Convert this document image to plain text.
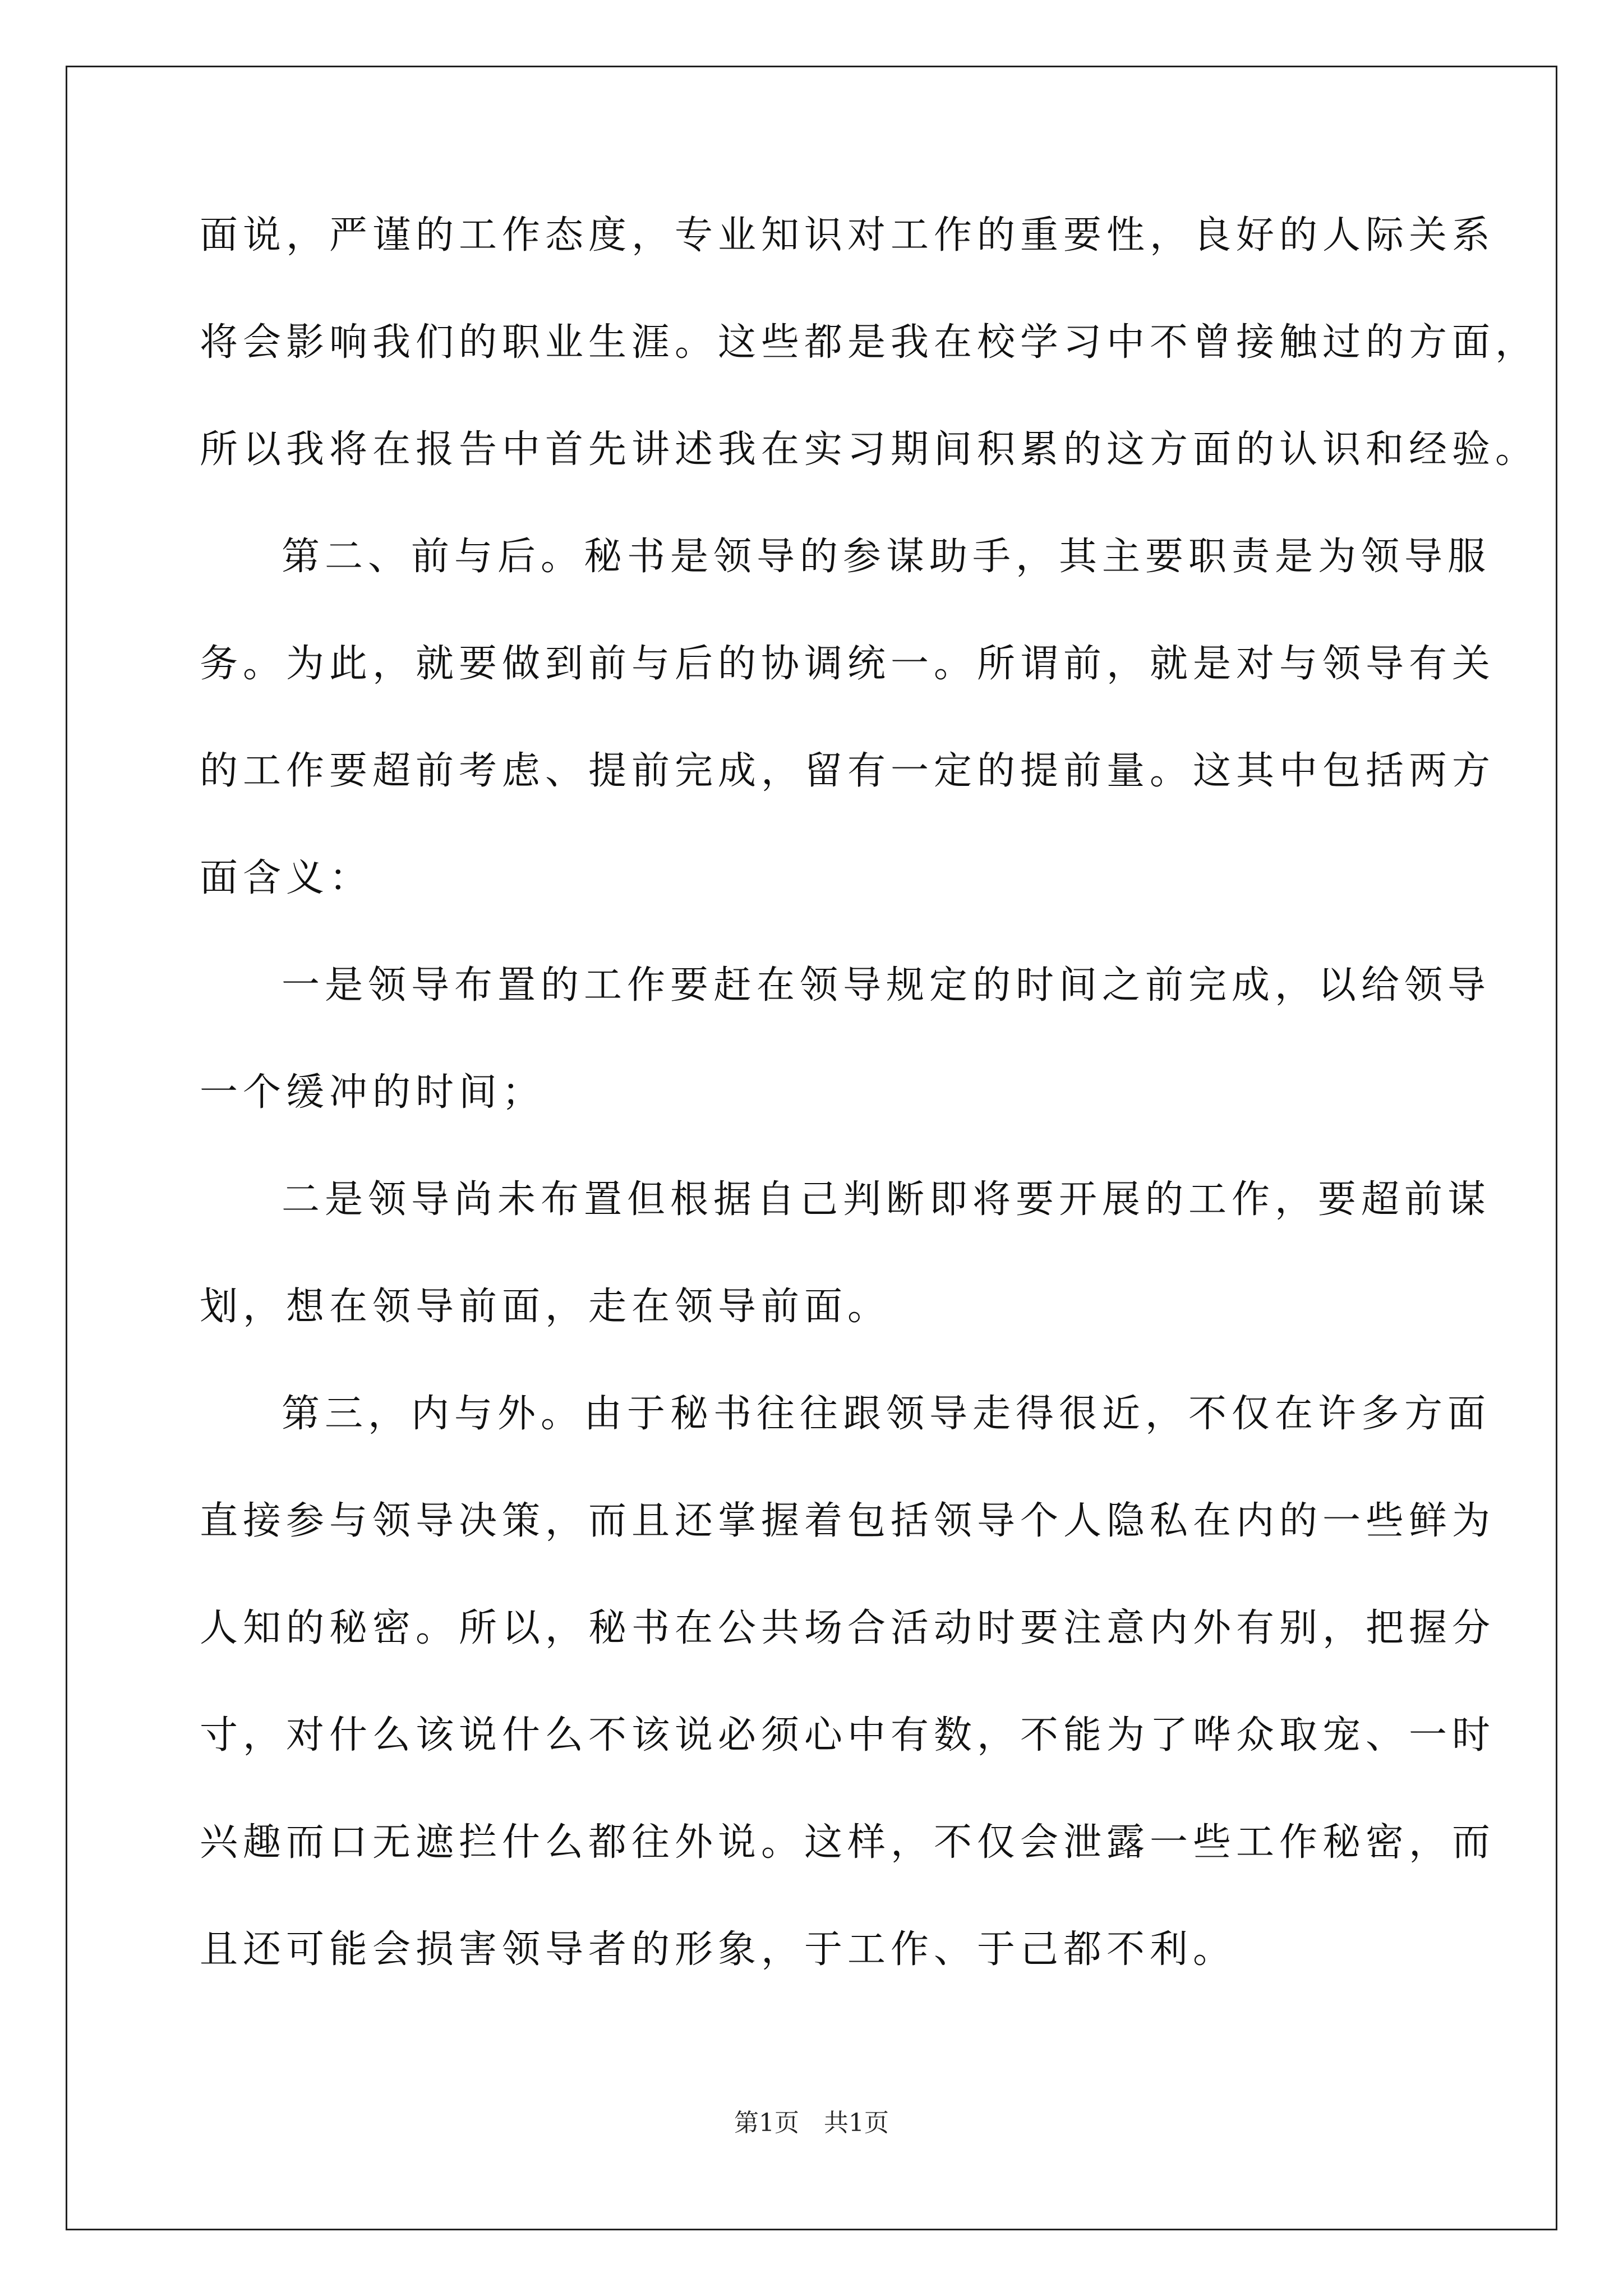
面说，严谨的工作态度，专业知识对工作的重要性，良好的人际关系
将会影响我们的职业生涯。这些都是我在校学习中不曾接触过的方面，
所以我将在报告中首先讲述我在实习期间积累的这方面的认识和经验。
第二、前与后。秘书是领导的参谋助手，其主要职责是为领导服
务。为此，就要做到前与后的协调统一。所谓前，就是对与领导有关
的工作要超前考虑、提前完成，留有一定的提前量。这其中包括两方
面含义：
一是领导布置的工作要赶在领导规定的时间之前完成，以给领导
一个缓冲的时间；
二是领导尚未布置但根据自己判断即将要开展的工作，要超前谋
划，想在领导前面，走在领导前面。
第三，内与外。由于秘书往往跟领导走得很近，不仅在许多方面
直接参与领导决策，而且还掌握着包括领导个人隐私在内的一些鲜为
人知的秘密。所以，秘书在公共场合活动时要注意内外有别，把握分
寸，对什么该说什么不该说必须心中有数，不能为了哗众取宠、一时
兴趣而口无遮拦什么都往外说。这样，不仅会泄露一些工作秘密，而
且还可能会损害领导者的形象，于工作、于己都不利。
第1页　共1页
